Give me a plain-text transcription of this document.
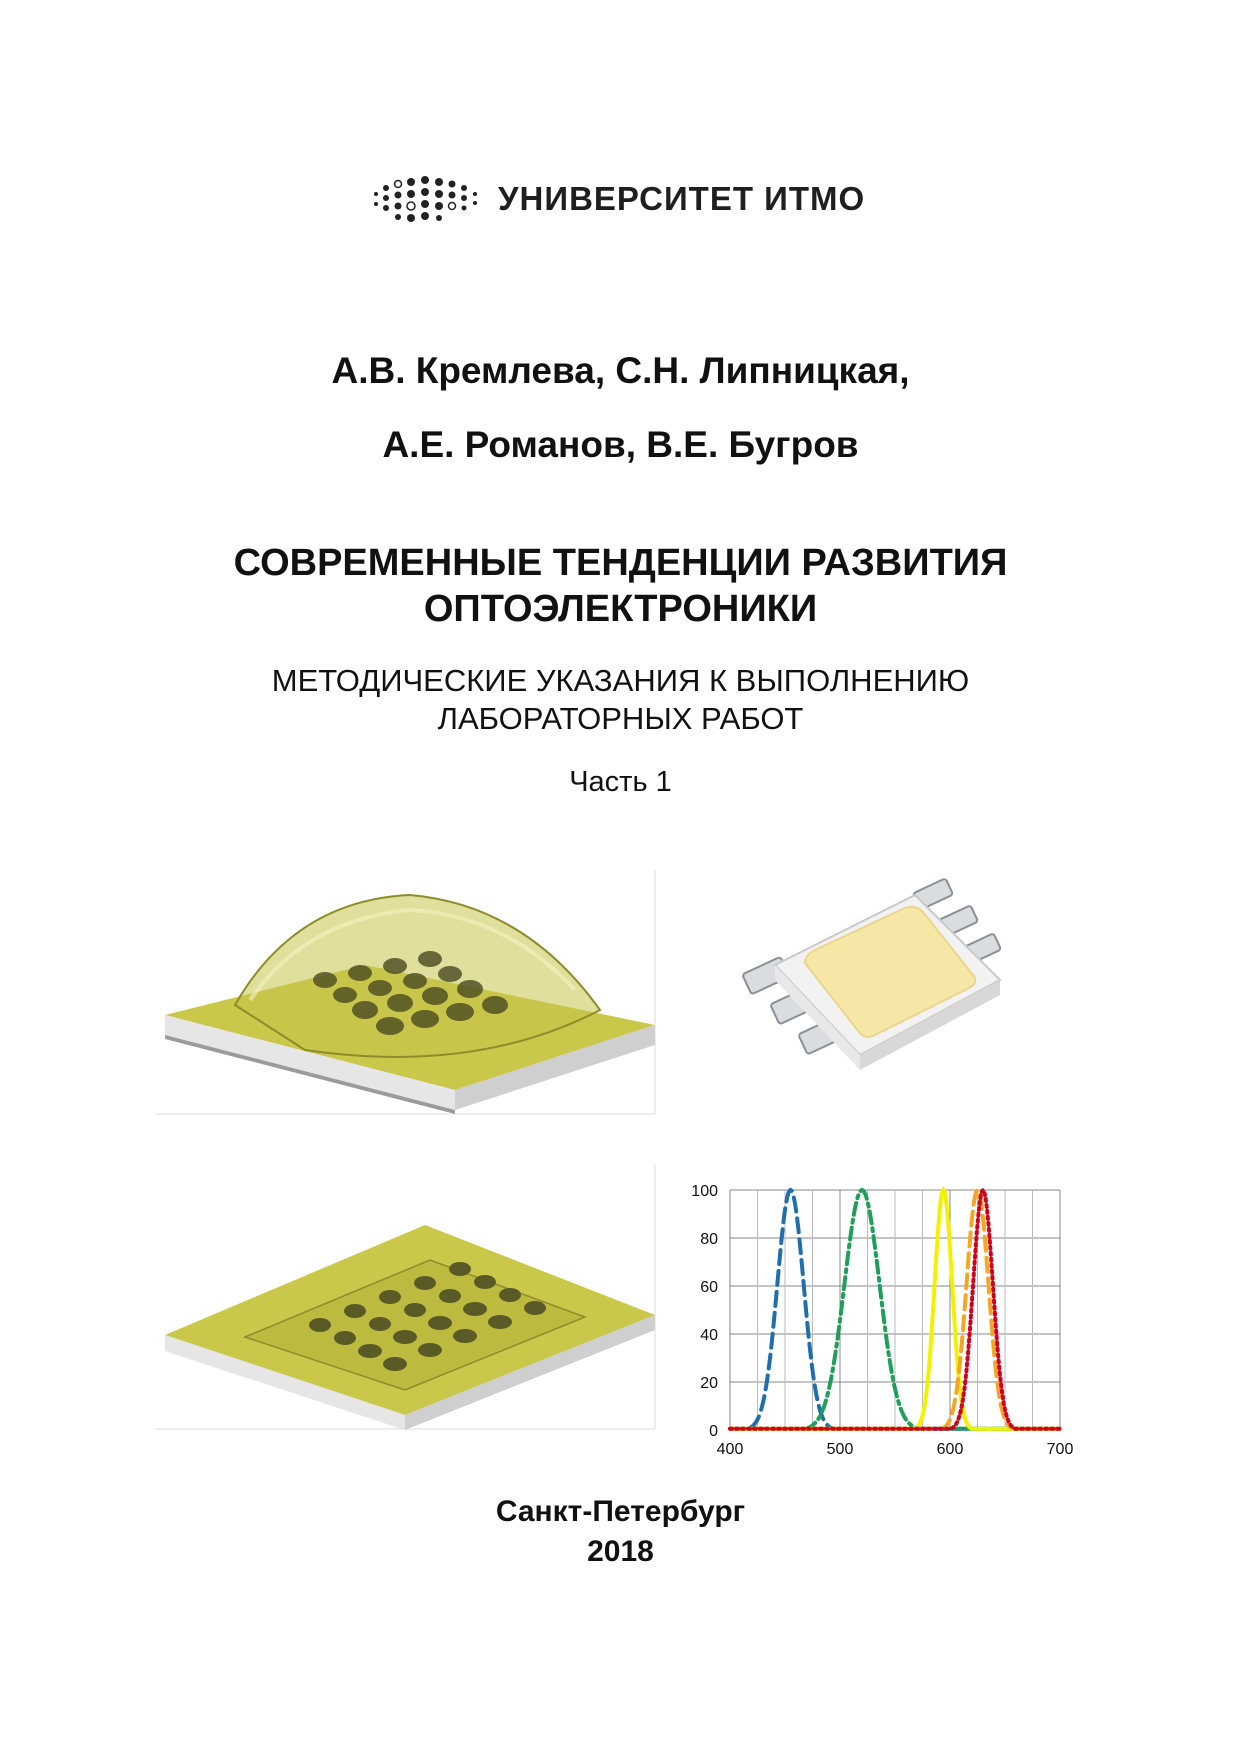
УНИВЕРСИТЕТ ИТМО
А.В. Кремлева, С.Н. Липницкая,
А.Е. Романов, В.Е. Бугров
СОВРЕМЕННЫЕ ТЕНДЕНЦИИ РАЗВИТИЯ
ОПТОЭЛЕКТРОНИКИ
МЕТОДИЧЕСКИЕ УКАЗАНИЯ К ВЫПОЛНЕНИЮ
ЛАБОРАТОРНЫХ РАБОТ
Часть 1
0
20
40
60
80
100
400	500	600	700
Санкт-Петербург
2018
